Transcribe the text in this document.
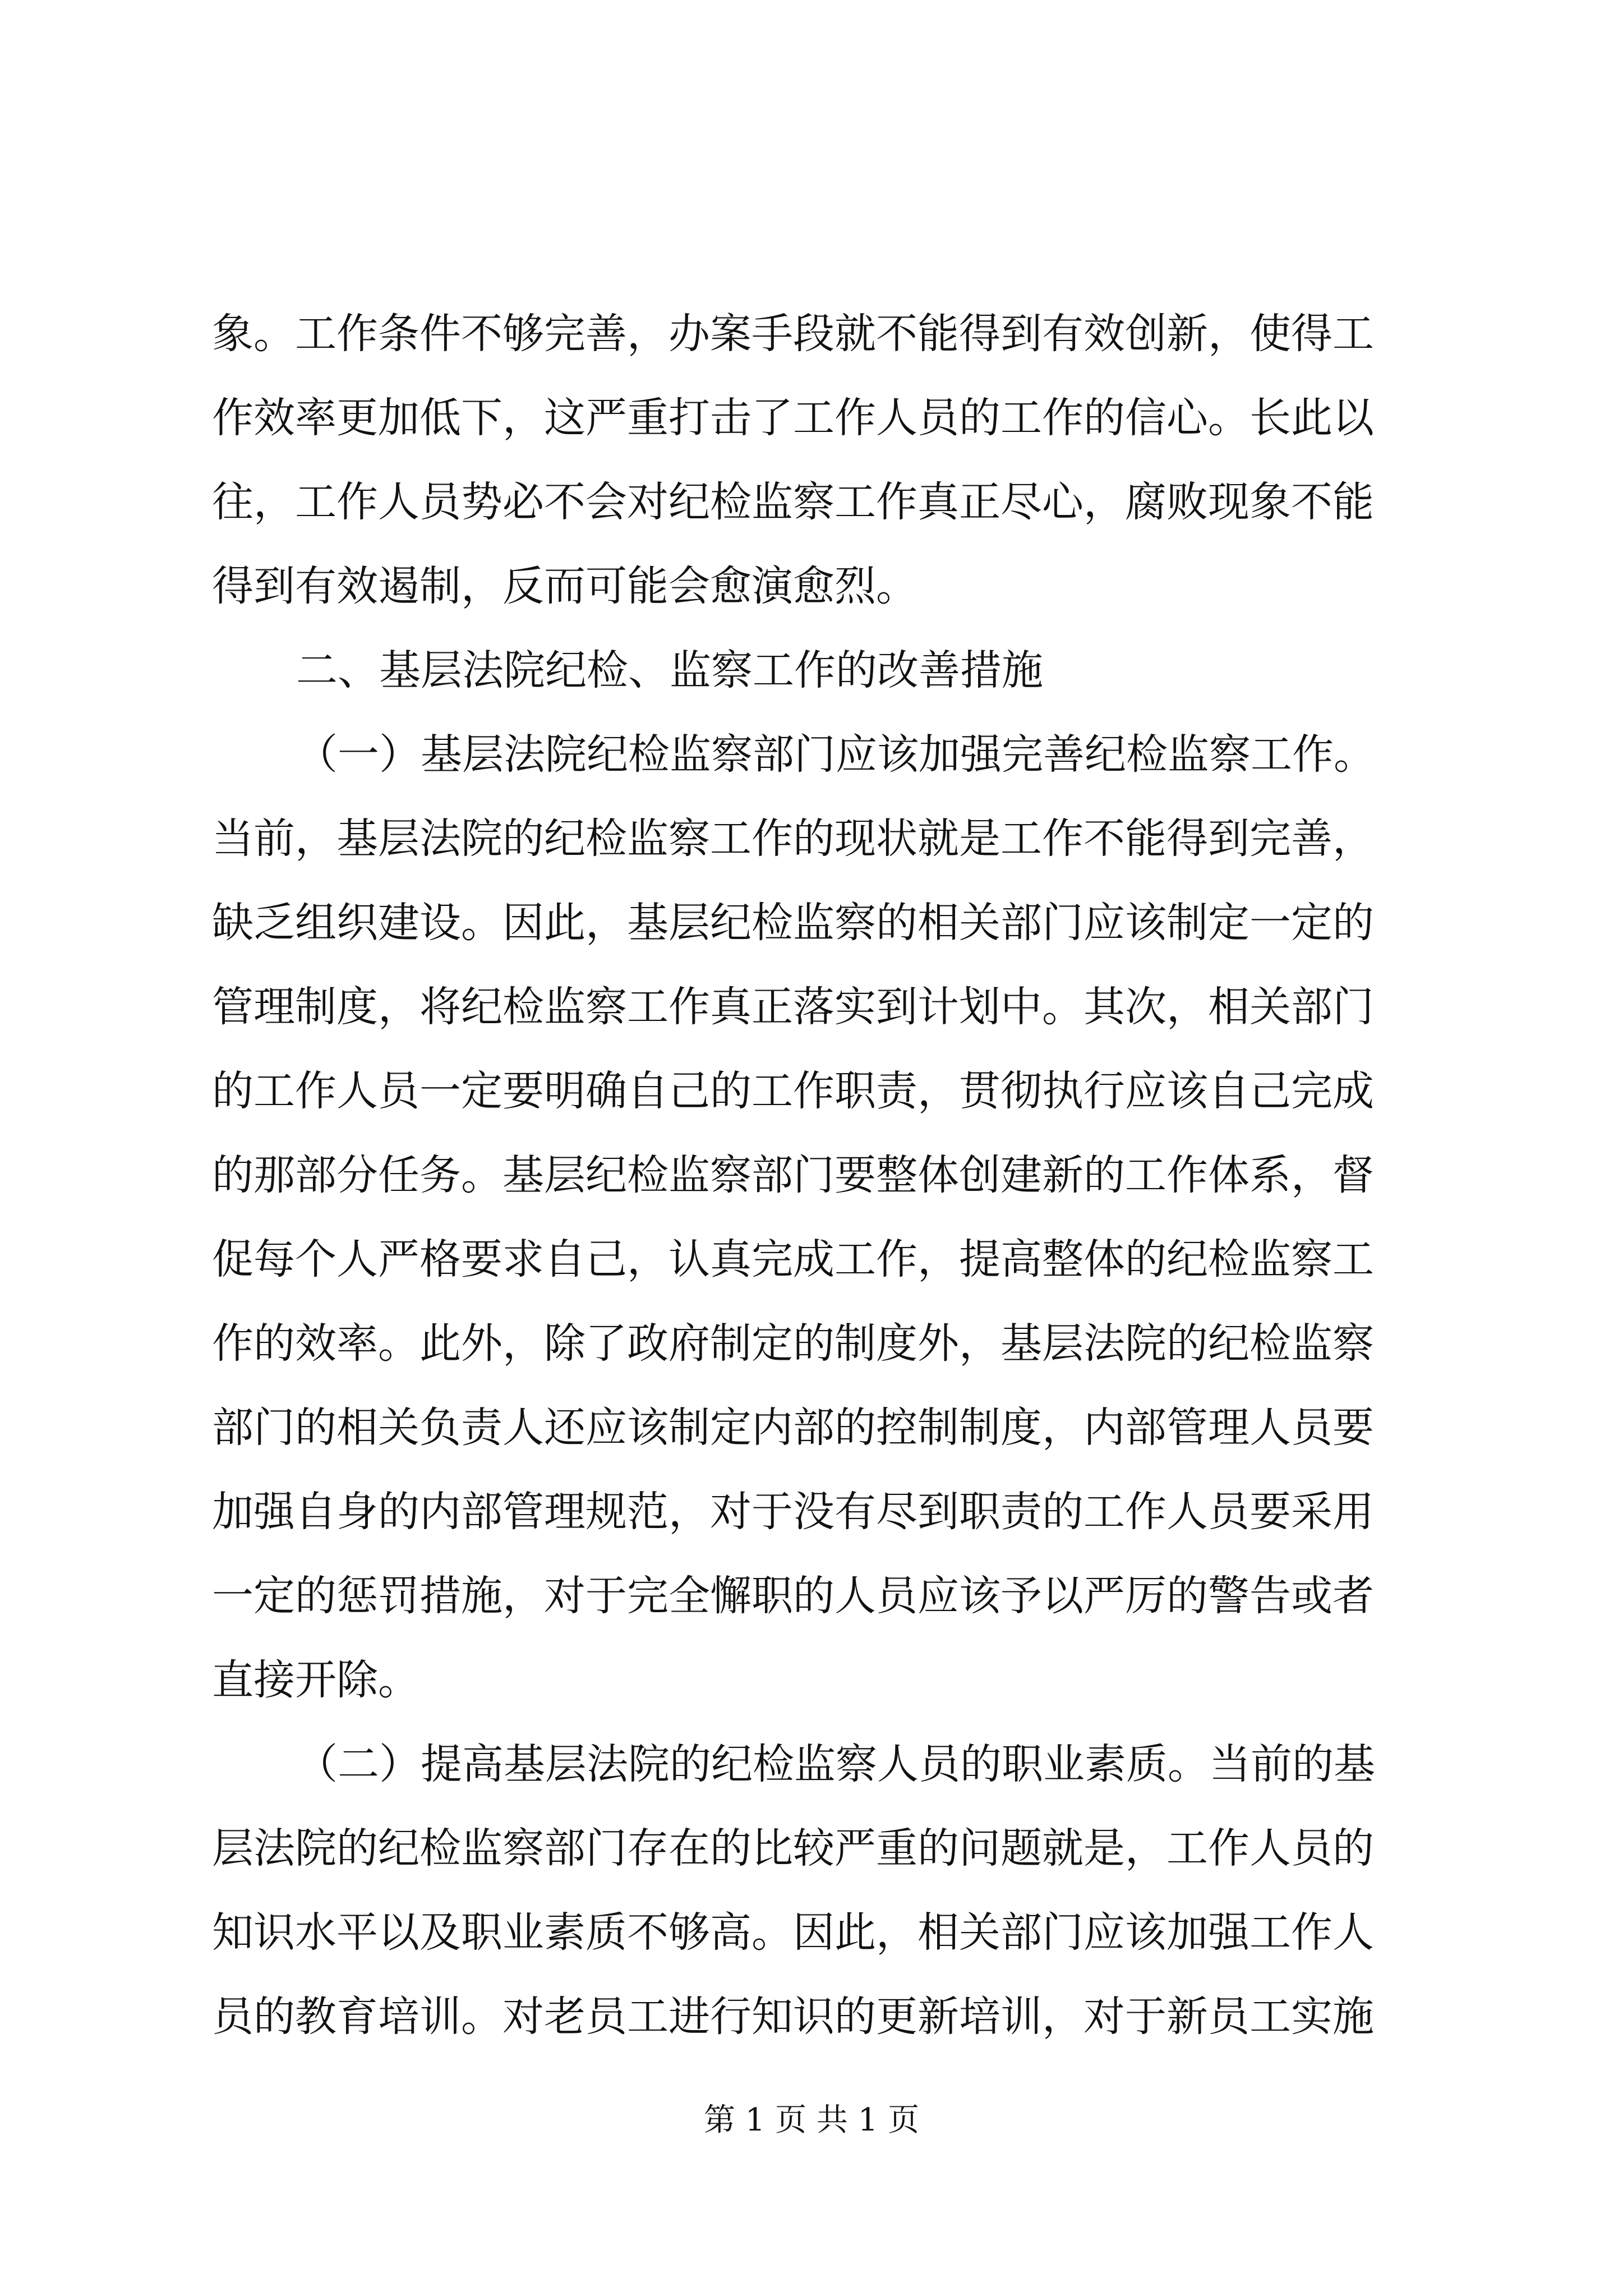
象。工作条件不够完善，办案手段就不能得到有效创新，使得工
作效率更加低下，这严重打击了工作人员的工作的信心。长此以
往，工作人员势必不会对纪检监察工作真正尽心，腐败现象不能
得到有效遏制，反而可能会愈演愈烈。
二、基层法院纪检、监察工作的改善措施
（一）基层法院纪检监察部门应该加强完善纪检监察工作。
当前，基层法院的纪检监察工作的现状就是工作不能得到完善，
缺乏组织建设。因此，基层纪检监察的相关部门应该制定一定的
管理制度，将纪检监察工作真正落实到计划中。其次，相关部门
的工作人员一定要明确自己的工作职责，贯彻执行应该自己完成
的那部分任务。基层纪检监察部门要整体创建新的工作体系，督
促每个人严格要求自己，认真完成工作，提高整体的纪检监察工
作的效率。此外，除了政府制定的制度外，基层法院的纪检监察
部门的相关负责人还应该制定内部的控制制度，内部管理人员要
加强自身的内部管理规范，对于没有尽到职责的工作人员要采用
一定的惩罚措施，对于完全懈职的人员应该予以严厉的警告或者
直接开除。
（二）提高基层法院的纪检监察人员的职业素质。当前的基
层法院的纪检监察部门存在的比较严重的问题就是，工作人员的
知识水平以及职业素质不够高。因此，相关部门应该加强工作人
员的教育培训。对老员工进行知识的更新培训，对于新员工实施
第 1 页 共 1 页
